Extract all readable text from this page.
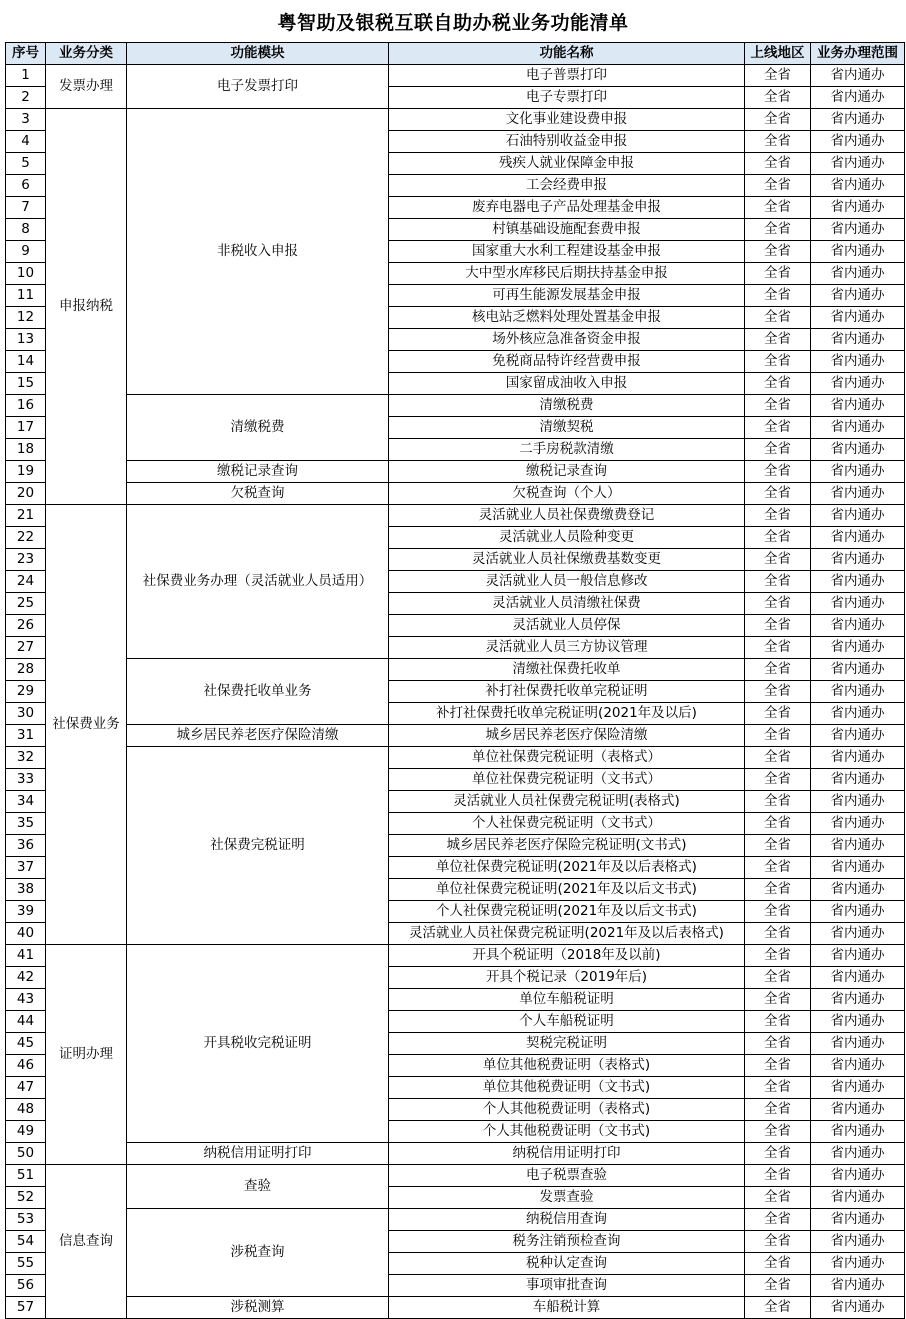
粤智助及银税互联自助办税业务功能清单
序号	业务分类	功能模块	功能名称	上线地区	业务办理范围
1	发票办理	电子发票打印	电子普票打印	全省	省内通办
2			电子专票打印	全省	省内通办
3	申报纳税	非税收入申报	文化事业建设费申报	全省	省内通办
4			石油特别收益金申报	全省	省内通办
5			残疾人就业保障金申报	全省	省内通办
6			工会经费申报	全省	省内通办
7			废弃电器电子产品处理基金申报	全省	省内通办
8			村镇基础设施配套费申报	全省	省内通办
9			国家重大水利工程建设基金申报	全省	省内通办
10			大中型水库移民后期扶持基金申报	全省	省内通办
11			可再生能源发展基金申报	全省	省内通办
12			核电站乏燃料处理处置基金申报	全省	省内通办
13			场外核应急准备资金申报	全省	省内通办
14			免税商品特许经营费申报	全省	省内通办
15			国家留成油收入申报	全省	省内通办
16		清缴税费	清缴税费	全省	省内通办
17			清缴契税	全省	省内通办
18			二手房税款清缴	全省	省内通办
19		缴税记录查询	缴税记录查询	全省	省内通办
20		欠税查询	欠税查询（个人）	全省	省内通办
21	社保费业务	社保费业务办理（灵活就业人员适用）	灵活就业人员社保费缴费登记	全省	省内通办
22			灵活就业人员险种变更	全省	省内通办
23			灵活就业人员社保缴费基数变更	全省	省内通办
24			灵活就业人员一般信息修改	全省	省内通办
25			灵活就业人员清缴社保费	全省	省内通办
26			灵活就业人员停保	全省	省内通办
27			灵活就业人员三方协议管理	全省	省内通办
28		社保费托收单业务	清缴社保费托收单	全省	省内通办
29			补打社保费托收单完税证明	全省	省内通办
30			补打社保费托收单完税证明(2021年及以后)	全省	省内通办
31		城乡居民养老医疗保险清缴	城乡居民养老医疗保险清缴	全省	省内通办
32		社保费完税证明	单位社保费完税证明（表格式）	全省	省内通办
33			单位社保费完税证明（文书式）	全省	省内通办
34			灵活就业人员社保费完税证明(表格式)	全省	省内通办
35			个人社保费完税证明（文书式）	全省	省内通办
36			城乡居民养老医疗保险完税证明(文书式)	全省	省内通办
37			单位社保费完税证明(2021年及以后表格式)	全省	省内通办
38			单位社保费完税证明(2021年及以后文书式)	全省	省内通办
39			个人社保费完税证明(2021年及以后文书式)	全省	省内通办
40			灵活就业人员社保费完税证明(2021年及以后表格式)	全省	省内通办
41	证明办理	开具税收完税证明	开具个税证明（2018年及以前)	全省	省内通办
42			开具个税记录（2019年后)	全省	省内通办
43			单位车船税证明	全省	省内通办
44			个人车船税证明	全省	省内通办
45			契税完税证明	全省	省内通办
46			单位其他税费证明（表格式)	全省	省内通办
47			单位其他税费证明（文书式)	全省	省内通办
48			个人其他税费证明（表格式)	全省	省内通办
49			个人其他税费证明（文书式)	全省	省内通办
50		纳税信用证明打印	纳税信用证明打印	全省	省内通办
51	信息查询	查验	电子税票查验	全省	省内通办
52			发票查验	全省	省内通办
53		涉税查询	纳税信用查询	全省	省内通办
54			税务注销预检查询	全省	省内通办
55			税种认定查询	全省	省内通办
56			事项审批查询	全省	省内通办
57		涉税测算	车船税计算	全省	省内通办
